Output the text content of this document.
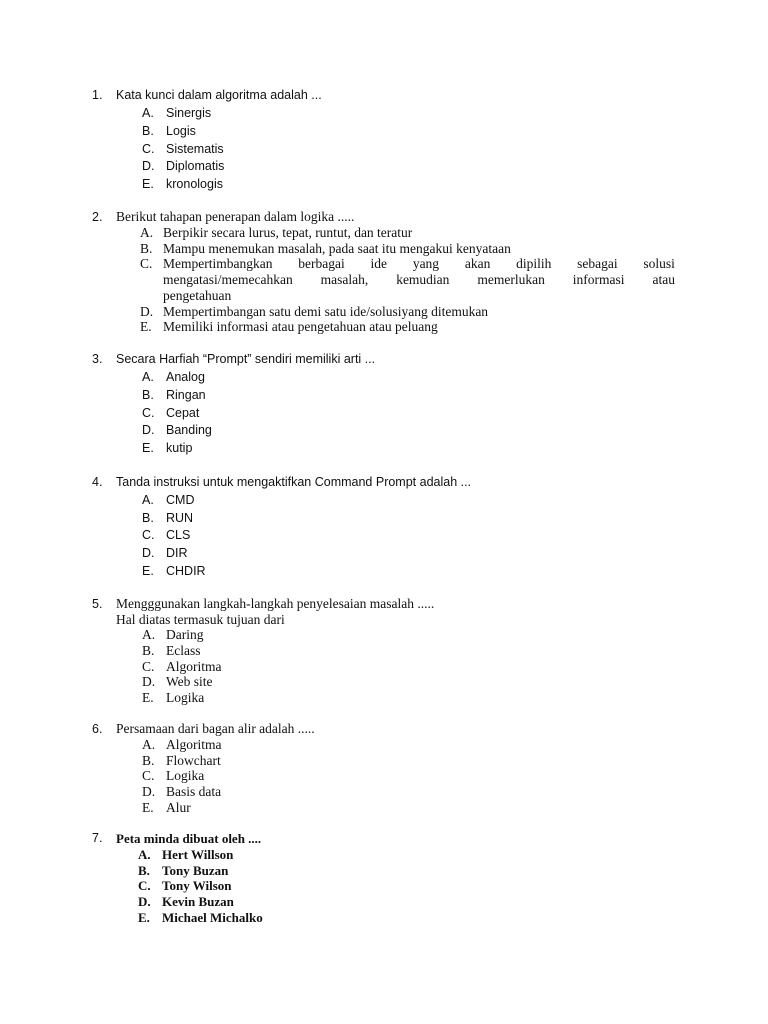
1. Kata kunci dalam algoritma adalah ...
A. Sinergis
B. Logis
C. Sistematis
D. Diplomatis
E. kronologis
2. Berikut tahapan penerapan dalam logika .....
A. Berpikir secara lurus, tepat, runtut, dan teratur
B. Mampu menemukan masalah, pada saat itu mengakui kenyataan
C. Mempertimbangkan berbagai ide yang akan dipilih sebagai solusi
mengatasi/memecahkan masalah, kemudian memerlukan informasi atau
pengetahuan
D. Mempertimbangan satu demi satu ide/solusiyang ditemukan
E. Memiliki informasi atau pengetahuan atau peluang
3. Secara Harfiah “Prompt” sendiri memiliki arti ...
A. Analog
B. Ringan
C. Cepat
D. Banding
E. kutip
4. Tanda instruksi untuk mengaktifkan Command Prompt adalah ...
A. CMD
B. RUN
C. CLS
D. DIR
E. CHDIR
5. Mengggunakan langkah-langkah penyelesaian masalah .....
Hal diatas termasuk tujuan dari
A. Daring
B. Eclass
C. Algoritma
D. Web site
E. Logika
6. Persamaan dari bagan alir adalah .....
A. Algoritma
B. Flowchart
C. Logika
D. Basis data
E. Alur
7. Peta minda dibuat oleh ....
A. Hert Willson
B. Tony Buzan
C. Tony Wilson
D. Kevin Buzan
E. Michael Michalko
